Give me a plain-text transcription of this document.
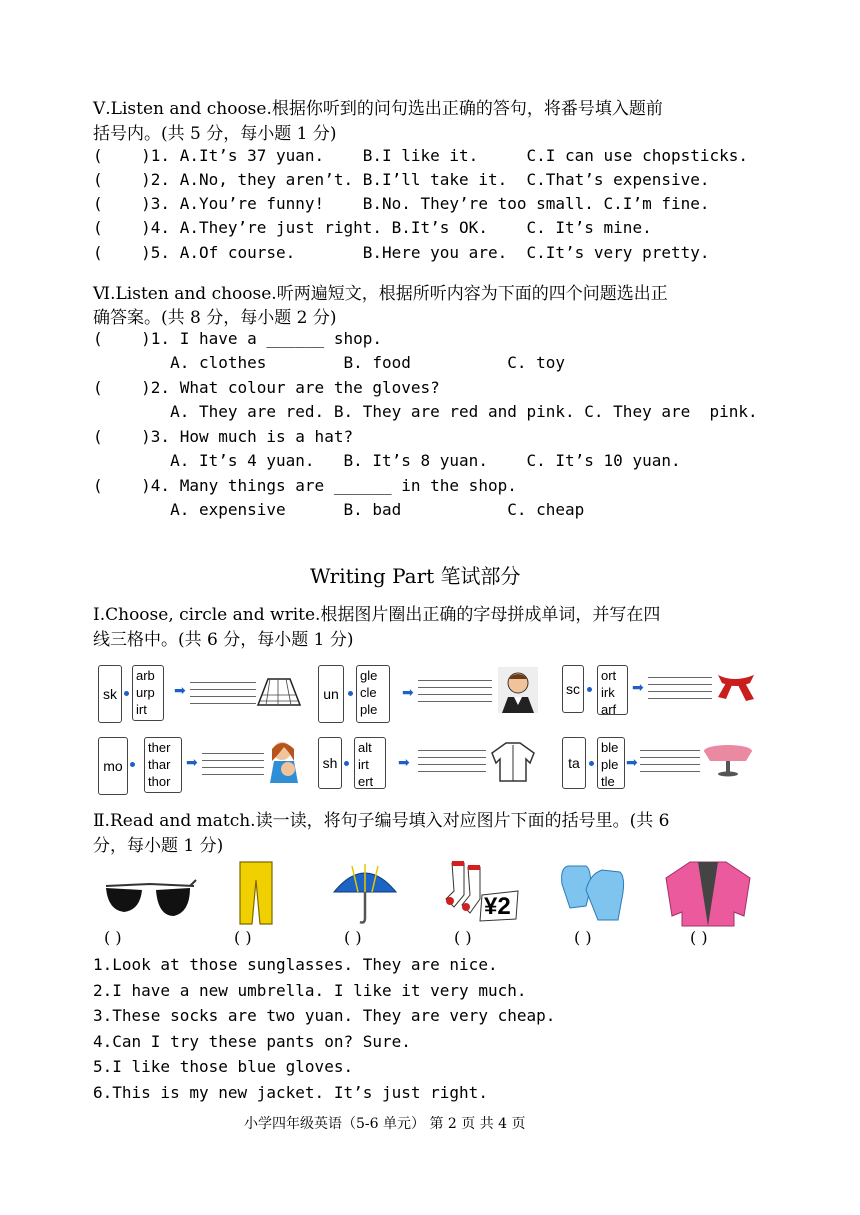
Ⅴ.Listen and choose.根据你听到的问句选出正确的答句，将番号填入题前
括号内。(共 5 分，每小题 1 分)
(    )1. A.It’s 37 yuan.    B.I like it.     C.I can use chopsticks.
(    )2. A.No, they aren’t. B.I’ll take it.  C.That’s expensive.
(    )3. A.You’re funny!    B.No. They’re too small. C.I’m fine.
(    )4. A.They’re just right. B.It’s OK.    C. It’s mine.
(    )5. A.Of course.       B.Here you are.  C.It’s very pretty.
Ⅵ.Listen and choose.听两遍短文，根据所听内容为下面的四个问题选出正
确答案。(共 8 分，每小题 2 分)
(    )1. I have a ______ shop.
A. clothes        B. food          C. toy
(    )2. What colour are the gloves?
A. They are red. B. They are red and pink. C. They are  pink.
(    )3. How much is a hat?
A. It’s 4 yuan.   B. It’s 8 yuan.    C. It’s 10 yuan.
(    )4. Many things are ______ in the shop.
A. expensive      B. bad           C. cheap
Writing Part 笔试部分
Ⅰ.Choose, circle and write.根据图片圈出正确的字母拼成单词，并写在四
线三格中。(共 6 分，每小题 1 分)
sk
arb
urp
irt
➡	un
gle
cle
ple
➡	sc
ort
irk
arf
➡
mo
ther
thar
thor
➡	sh
alt
irt
ert
➡	ta
ble
ple
tle
➡
Ⅱ.Read and match.读一读，将句子编号填入对应图片下面的括号里。(共 6
分，每小题 1 分)
¥2
( )	( )	( )	( )	( )	( )
1.Look at those sunglasses. They are nice.
2.I have a new umbrella. I like it very much.
3.These socks are two yuan. They are very cheap.
4.Can I try these pants on? Sure.
5.I like those blue gloves.
6.This is my new jacket. It’s just right.
小学四年级英语（5-6 单元） 第 2 页 共 4 页
